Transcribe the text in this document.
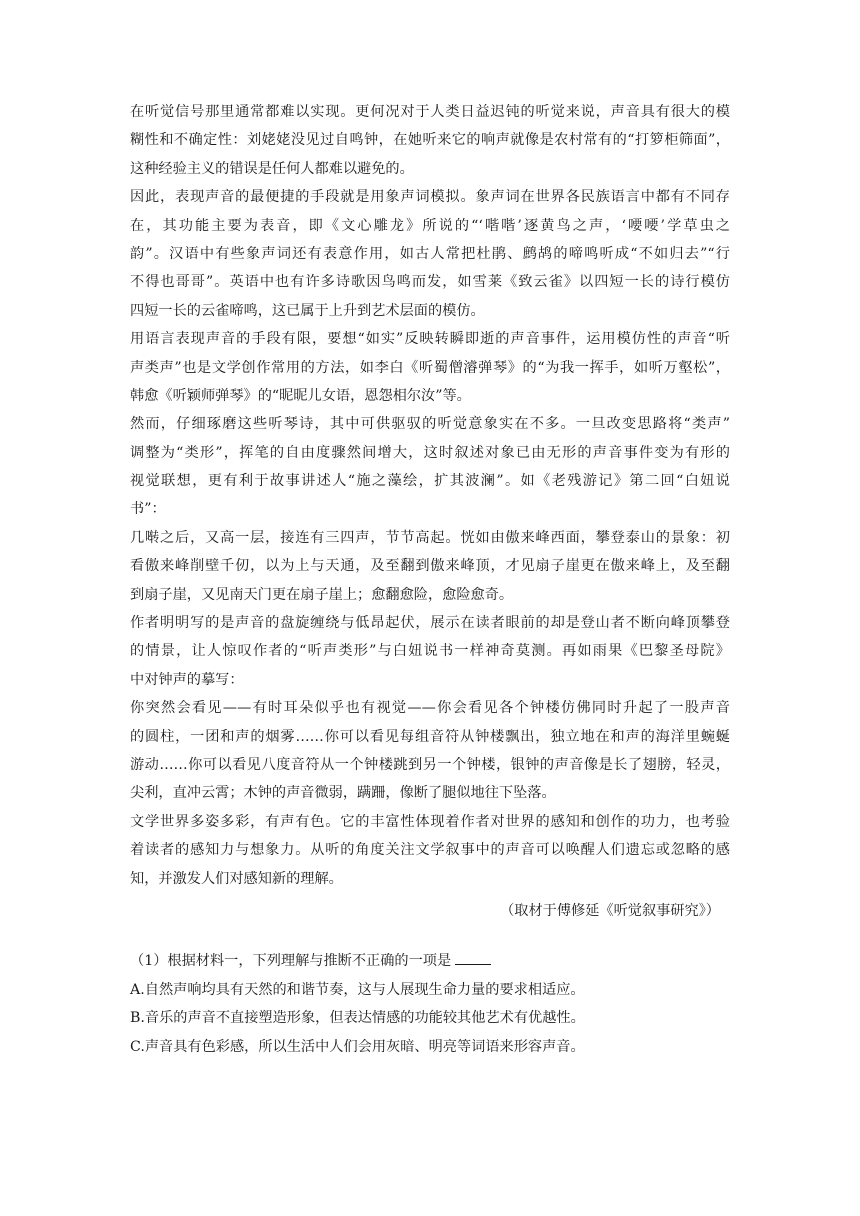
在听觉信号那里通常都难以实现。更何况对于人类日益迟钝的听觉来说，声音具有很大的模
糊性和不确定性：刘姥姥没见过自鸣钟，在她听来它的响声就像是农村常有的“打箩柜筛面”，
这种经验主义的错误是任何人都难以避免的。
因此，表现声音的最便捷的手段就是用象声词模拟。象声词在世界各民族语言中都有不同存
在，其功能主要为表音，即《文心雕龙》所说的“‘喈喈’逐黄鸟之声，‘喓喓’学草虫之
韵”。汉语中有些象声词还有表意作用，如古人常把杜鹃、鹧鸪的啼鸣听成“不如归去”“行
不得也哥哥”。英语中也有许多诗歌因鸟鸣而发，如雪莱《致云雀》以四短一长的诗行模仿
四短一长的云雀啼鸣，这已属于上升到艺术层面的模仿。
用语言表现声音的手段有限，要想“如实”反映转瞬即逝的声音事件，运用模仿性的声音“听
声类声”也是文学创作常用的方法，如李白《听蜀僧濬弹琴》的“为我一挥手，如听万壑松”，
韩愈《听颖师弹琴》的“昵昵儿女语，恩怨相尔汝”等。
然而，仔细琢磨这些听琴诗，其中可供驱驭的听觉意象实在不多。一旦改变思路将“类声”
调整为“类形”，挥笔的自由度骤然间增大，这时叙述对象已由无形的声音事件变为有形的
视觉联想，更有利于故事讲述人“施之藻绘，扩其波澜”。如《老残游记》第二回“白妞说
书”：
几啭之后，又高一层，接连有三四声，节节高起。恍如由傲来峰西面，攀登泰山的景象：初
看傲来峰削壁千仞，以为上与天通，及至翻到傲来峰顶，才见扇子崖更在傲来峰上，及至翻
到扇子崖，又见南天门更在扇子崖上；愈翻愈险，愈险愈奇。
作者明明写的是声音的盘旋缠绕与低昂起伏，展示在读者眼前的却是登山者不断向峰顶攀登
的情景，让人惊叹作者的“听声类形”与白妞说书一样神奇莫测。再如雨果《巴黎圣母院》
中对钟声的摹写：
你突然会看见——有时耳朵似乎也有视觉——你会看见各个钟楼仿佛同时升起了一股声音
的圆柱，一团和声的烟雾……你可以看见每组音符从钟楼飘出，独立地在和声的海洋里蜿蜒
游动……你可以看见八度音符从一个钟楼跳到另一个钟楼，银钟的声音像是长了翅膀，轻灵，
尖利，直冲云霄；木钟的声音微弱，蹒跚，像断了腿似地往下坠落。
文学世界多姿多彩，有声有色。它的丰富性体现着作者对世界的感知和创作的功力，也考验
着读者的感知力与想象力。从听的角度关注文学叙事中的声音可以唤醒人们遗忘或忽略的感
知，并激发人们对感知新的理解。
（取材于傅修延《听觉叙事研究》）
（1）根据材料一，下列理解与推断不正确的一项是
A.自然声响均具有天然的和谐节奏，这与人展现生命力量的要求相适应。
B.音乐的声音不直接塑造形象，但表达情感的功能较其他艺术有优越性。
C.声音具有色彩感，所以生活中人们会用灰暗、明亮等词语来形容声音。
